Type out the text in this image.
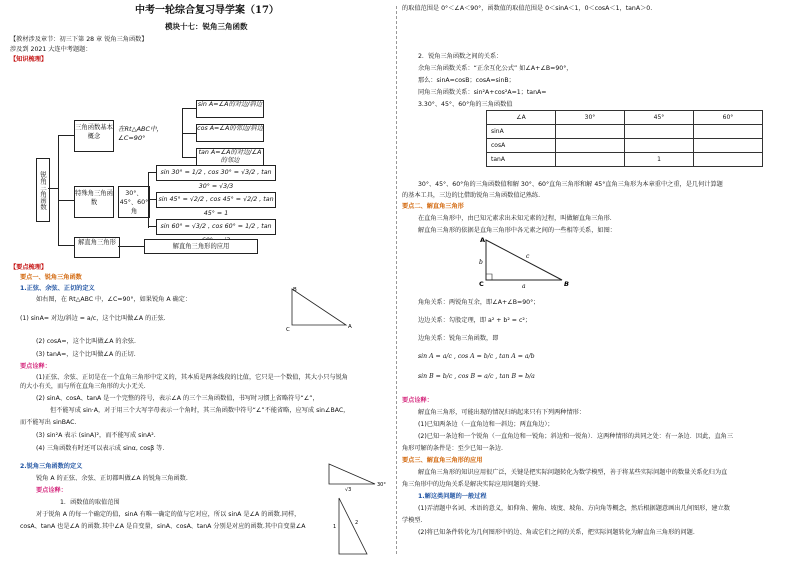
中考一轮综合复习导学案（17）
模块十七：锐角三角函数
【教材涉及章节：初三下第 28 章 锐角三角函数】
涉及到 2021 大连中考题题：
【知识梳理】
锐角三角函数
三角函数基本概念
在Rt△ABC中，∠C=90°
sin A=∠A的对边/斜边
cos A=∠A的邻边/斜边
tan A=∠A的对边/∠A的邻边
特殊角三角函数
30°、45°、60°角
sin 30° = 1/2 , cos 30° = √3/2 , tan 30° = √3/3
sin 45° = √2/2 , cos 45° = √2/2 , tan 45° = 1
sin 60° = √3/2 , cos 60° = 1/2 , tan
解直角三角形
解直角三角形的应用
【要点梳理】
要点一、锐角三角函数
1.正弦、余弦、正切的定义
如右图，在 Rt△ABC 中，∠C=90°，如果锐角 A 确定：
(1) sinA= 对边/斜边 = a/c，这个比叫做∠A 的正弦.
(2) cosA=，这个比叫做∠A 的余弦.
(3) tanA=，这个比叫做∠A 的正切.
要点诠释：
(1)正弦、余弦、正切是在一个直角三角形中定义的，其本质是两条线段的比值，它只是一个数值，其大小只与锐角
的大小有关，而与所在直角三角形的大小无关.
(2) sinA、cosA、tanA 是一个完整的符号，表示∠A 的三个三角函数值，书写时习惯上省略符号“∠”，
但不能写成 sin·A，对于用三个大写字母表示一个角时，其三角函数中符号“∠”不能省略，应写成 sin∠BAC，
而不能写出 sinBAC.
(3) sin²A 表示 (sinA)²，而不能写成 sinA².
(4) 三角函数有时还可以表示成 sinα, cosβ 等.
2.锐角三角函数的定义
锐角 A 的正弦、余弦、正切都叫做∠A 的锐角三角函数.
要点诠释：
1．函数值的取值范围
对于锐角 A 的每一个确定的值，sinA 有唯一确定的值与它对应，所以 sinA 是∠A 的函数.同样，
cosA、tanA 也是∠A 的函数.其中∠A 是自变量，sinA、cosA、tanA 分别是对应的函数.其中自变量∠A
B
C	A
√3
30°
1
2
的取值范围是 0°＜∠A＜90°，函数值的取值范围是 0＜sinA＜1，0＜cosA＜1，tanA＞0.
2．锐角三角函数之间的关系：
余角三角函数关系：“正余互化公式” 如∠A+∠B=90°，
那么：sinA=cosB；cosA=sinB；
同角三角函数关系：sin²A+cos²A=1；tanA=
3.30°、45°、60°角的三角函数值
∠A	30°	45°	60°
sinA			
cosA			
tanA		1	
30°、45°、60°角的三角函数值和解 30°、60°直角三角形和解 45°直角三角形为本章重中之重，是几何计算题
的基本工具，三边的比借助锐角三角函数值记熟练.
要点二、解直角三角形
在直角三角形中，由已知元素求出未知元素的过程，叫做解直角三角形.
解直角三角形的依据是直角三角形中各元素之间的一些相等关系，如图：
A
C	B
b
a
c
角角关系：两锐角互余，即∠A+∠B=90°；
边边关系：勾股定理，即 a² + b² = c²；
边角关系：锐角三角函数，即
sin A = a/c , cos A = b/c , tan A = a/b
sin B = b/c , cos B = a/c , tan B = b/a
要点诠释：
解直角三角形，可能出现的情况归纳起来只有下列两种情形：
(1)已知两条边（一直角边和一斜边；两直角边）；
(2)已知一条边和一个锐角（一直角边和一锐角；斜边和一锐角）．这两种情形的共同之处：有一条边．因此，直角三
角形可解的条件是：至少已知一条边.
要点三、解直角三角形的应用
解直角三角形的知识应用很广泛，关键是把实际问题转化为数学模型，善于将某些实际问题中的数量关系化归为直
角三角形中的边角关系是解决实际应用问题的关键.
1.解这类问题的一般过程
(1)弄清题中名词、术语的意义，如仰角、俯角、坡度、坡角、方向角等概念，然后根据题意画出几何图形，建立数
学模型.
(2)将已知条件转化为几何图形中的边、角或它们之间的关系，把实际问题转化为解直角三角形的问题.
